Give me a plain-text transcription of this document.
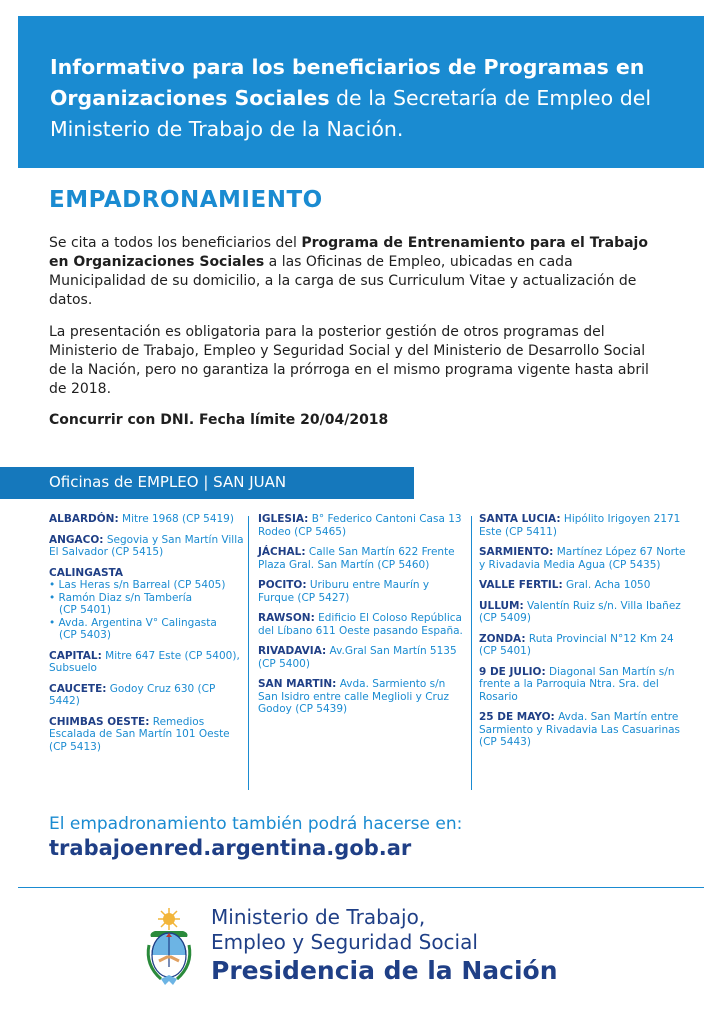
Informativo para los beneficiarios de Programas en Organizaciones Sociales de la Secretaría de Empleo del Ministerio de Trabajo de la Nación.
EMPADRONAMIENTO
Se cita a todos los beneficiarios del Programa de Entrenamiento para el Trabajo en Organizaciones Sociales a las Oficinas de Empleo, ubicadas en cada Municipalidad de su domicilio, a la carga de sus Curriculum Vitae y actualización de datos.
La presentación es obligatoria para la posterior gestión de otros programas del Ministerio de Trabajo, Empleo y Seguridad Social y del Ministerio de Desarrollo Social de la Nación, pero no garantiza la prórroga en el mismo programa vigente hasta abril de 2018.
Concurrir con DNI. Fecha límite 20/04/2018
Oficinas de EMPLEO | SAN JUAN
ALBARDÓN: Mitre 1968 (CP 5419)
ANGACO: Segovia y San Martín Villa El Salvador (CP 5415)
CALINGASTA
• Las Heras s/n Barreal (CP 5405)
• Ramón Diaz s/n Tambería
(CP 5401)
• Avda. Argentina V° Calingasta
(CP 5403)
CAPITAL: Mitre 647 Este (CP 5400), Subsuelo
CAUCETE: Godoy Cruz 630 (CP 5442)
CHIMBAS OESTE: Remedios Escalada de San Martín 101 Oeste (CP 5413)
IGLESIA: B° Federico Cantoni Casa 13 Rodeo (CP 5465)
JÁCHAL: Calle San Martín 622 Frente Plaza Gral. San Martín (CP 5460)
POCITO: Uriburu entre Maurín y Furque (CP 5427)
RAWSON: Edificio El Coloso República del Líbano 611 Oeste pasando España.
RIVADAVIA: Av.Gral San Martín 5135 (CP 5400)
SAN MARTIN: Avda. Sarmiento s/n San Isidro entre calle Meglioli y Cruz Godoy (CP 5439)
SANTA LUCIA: Hipólito Irigoyen 2171 Este (CP 5411)
SARMIENTO: Martínez López 67 Norte y Rivadavia Media Agua (CP 5435)
VALLE FERTIL: Gral. Acha 1050
ULLUM: Valentín Ruiz s/n. Villa Ibañez (CP 5409)
ZONDA: Ruta Provincial N°12 Km 24 (CP 5401)
9 DE JULIO: Diagonal San Martín s/n frente a la Parroquia Ntra. Sra. del Rosario
25 DE MAYO: Avda. San Martín entre Sarmiento y Rivadavia Las Casuarinas (CP 5443)
El empadronamiento también podrá hacerse en:
trabajoenred.argentina.gob.ar
Ministerio de Trabajo,
Empleo y Seguridad Social
Presidencia de la Nación
